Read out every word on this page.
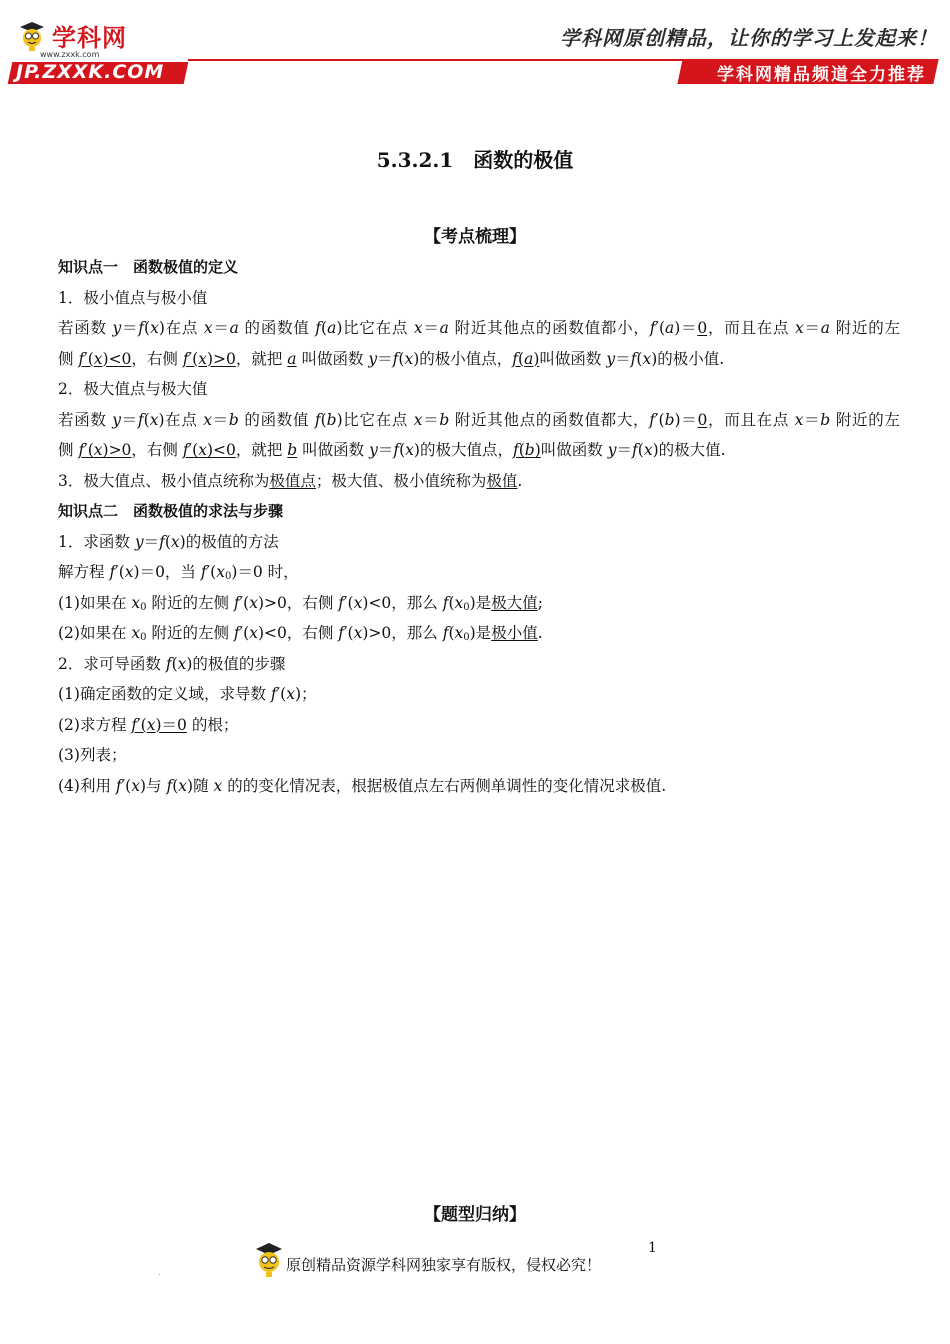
学科网
www.zxxk.com
JP.ZXXK.COM
学科网原创精品，让你的学习上发起来！
学科网精品频道全力推荐
5.3.2.1　函数的极值
【考点梳理】
知识点一　函数极值的定义
1．极小值点与极小值
若函数 y＝f(x)在点 x＝a 的函数值 f(a)比它在点 x＝a 附近其他点的函数值都小，f′(a)＝0，而且在点 x＝a 附近的左
侧 f′(x)<0，右侧 f′(x)>0，就把 a 叫做函数 y＝f(x)的极小值点，f(a)叫做函数 y＝f(x)的极小值.
2．极大值点与极大值
若函数 y＝f(x)在点 x＝b 的函数值 f(b)比它在点 x＝b 附近其他点的函数值都大，f′(b)＝0，而且在点 x＝b 附近的左
侧 f′(x)>0，右侧 f′(x)<0，就把 b 叫做函数 y＝f(x)的极大值点，f(b)叫做函数 y＝f(x)的极大值.
3．极大值点、极小值点统称为极值点；极大值、极小值统称为极值.
知识点二　函数极值的求法与步骤
1．求函数 y＝f(x)的极值的方法
解方程 f′(x)＝0，当 $f'(x_0)=0$ 时，
(1)如果在 $x_0$ 附近的左侧 f′(x)>0，右侧 f′(x)<0，那么 $f(x_0)$是极大值;
(2)如果在 $x_0$ 附近的左侧 f′(x)<0，右侧 f′(x)>0，那么 $f(x_0)$是极小值.
2．求可导函数 f(x)的极值的步骤
(1)确定函数的定义域，求导数 f′(x)；
(2)求方程 f′(x)＝0 的根；
(3)列表；
(4)利用 f′(x)与 f(x)随 x 的的变化情况表，根据极值点左右两侧单调性的变化情况求极值.
【题型归纳】
.	原创精品资源学科网独家享有版权，侵权必究！
1
